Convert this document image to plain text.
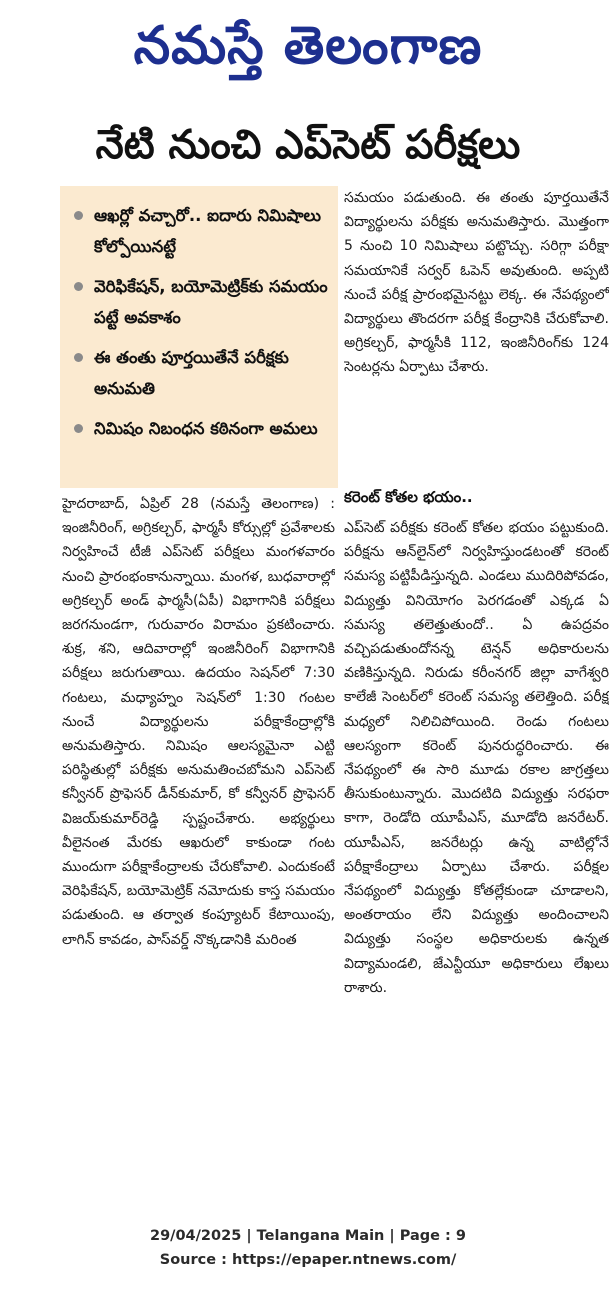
నమస్తే తెలంగాణ
నేటి నుంచి ఎప్‌సెట్ పరీక్షలు
ఆఖర్లో వచ్చారో.. ఐదారు నిమిషాలు కోల్పోయినట్టే
వెరిఫికేషన్, బయోమెట్రిక్‌కు సమయం పట్టే అవకాశం
ఈ తంతు పూర్తయితేనే పరీక్షకు అనుమతి
నిమిషం నిబంధన కఠినంగా అమలు

హైదరాబాద్, ఏప్రిల్ 28 (నమస్తే తెలంగాణ) : ఇంజినీరింగ్, అగ్రికల్చర్, ఫార్మసీ కోర్సుల్లో ప్రవేశాలకు నిర్వహించే టీజీ ఎప్‌సెట్ పరీక్షలు మంగళవారం నుంచి ప్రారంభంకానున్నాయి. మంగళ, బుధవారాల్లో అగ్రికల్చర్ అండ్ ఫార్మసీ(ఏపీ) విభాగానికి పరీక్షలు జరగనుండగా, గురువారం విరామం ప్రకటించారు. శుక్ర, శని, ఆదివారాల్లో ఇంజినీరింగ్ విభాగానికి పరీక్షలు జరుగుతాయి. ఉదయం సెషన్‌లో 7:30 గంటలు, మధ్యాహ్నం సెషన్‌లో 1:30 గంటల నుంచే విద్యార్థులను పరీక్షాకేంద్రాల్లోకి అనుమతిస్తారు. నిమిషం ఆలస్యమైనా ఎట్టి పరిస్థితుల్లో పరీక్షకు అనుమతించబోమని ఎప్‌సెట్ కన్వీనర్ ప్రొఫెసర్ డీన్‌కుమార్, కో కన్వీనర్ ప్రొఫెసర్ విజయ్‌కుమార్‌రెడ్డి స్పష్టంచేశారు. అభ్యర్థులు వీలైనంత మేరకు ఆఖరులో కాకుండా గంట ముందుగా పరీక్షాకేంద్రాలకు చేరుకోవాలి. ఎందుకంటే వెరిఫికేషన్, బయోమెట్రిక్ నమోదుకు కాస్త సమయం పడుతుంది. ఆ తర్వాత కంప్యూటర్ కేటాయింపు, లాగిన్ కావడం, పాస్‌వర్డ్ నొక్కడానికి మరింత

సమయం పడుతుంది. ఈ తంతు పూర్తయితేనే విద్యార్థులను పరీక్షకు అనుమతిస్తారు. మొత్తంగా 5 నుంచి 10 నిమిషాలు పట్టొచ్చు. సరిగ్గా పరీక్షా సమయానికే సర్వర్ ఓపెన్ అవుతుంది. అప్పటి నుంచే పరీక్ష ప్రారంభమైనట్టు లెక్క. ఈ నేపథ్యంలో విద్యార్థులు తొందరగా పరీక్ష కేంద్రానికి చేరుకోవాలి. అగ్రికల్చర్, ఫార్మసీకి 112, ఇంజినీరింగ్‌కు 124 సెంటర్లను ఏర్పాటు చేశారు.

కరెంట్ కోతల భయం..

ఎప్‌సెట్ పరీక్షకు కరెంట్ కోతల భయం పట్టుకుంది. పరీక్షను ఆన్‌లైన్‌లో నిర్వహిస్తుండటంతో కరెంట్ సమస్య పట్టిపీడిస్తున్నది. ఎండలు ముదిరిపోవడం, విద్యుత్తు వినియోగం పెరగడంతో ఎక్కడ ఏ సమస్య తలెత్తుతుందో.. ఏ ఉపద్రవం వచ్చిపడుతుందోనన్న టెన్షన్ అధికారులను వణికిస్తున్నది. నిరుడు కరీంనగర్ జిల్లా వాగేశ్వరి కాలేజీ సెంటర్‌లో కరెంట్ సమస్య తలెత్తింది. పరీక్ష మధ్యలో నిలిచిపోయింది. రెండు గంటలు ఆలస్యంగా కరెంట్ పునరుద్ధరించారు. ఈ నేపథ్యంలో ఈ సారి మూడు రకాల జాగ్రత్తలు తీసుకుంటున్నారు. మొదటిది విద్యుత్తు సరఫరా కాగా, రెండోది యూపీఎస్, మూడోది జనరేటర్. యూపీఎస్, జనరేటర్లు ఉన్న వాటిల్లోనే పరీక్షాకేంద్రాలు ఏర్పాటు చేశారు. పరీక్షల నేపథ్యంలో విద్యుత్తు కోతల్లేకుండా చూడాలని, అంతరాయం లేని విద్యుత్తు అందించాలని విద్యుత్తు సంస్థల అధికారులకు ఉన్నత విద్యామండలి, జేఎన్టీయూ అధికారులు లేఖలు రాశారు.

29/04/2025 | Telangana Main | Page : 9
Source : https://epaper.ntnews.com/
